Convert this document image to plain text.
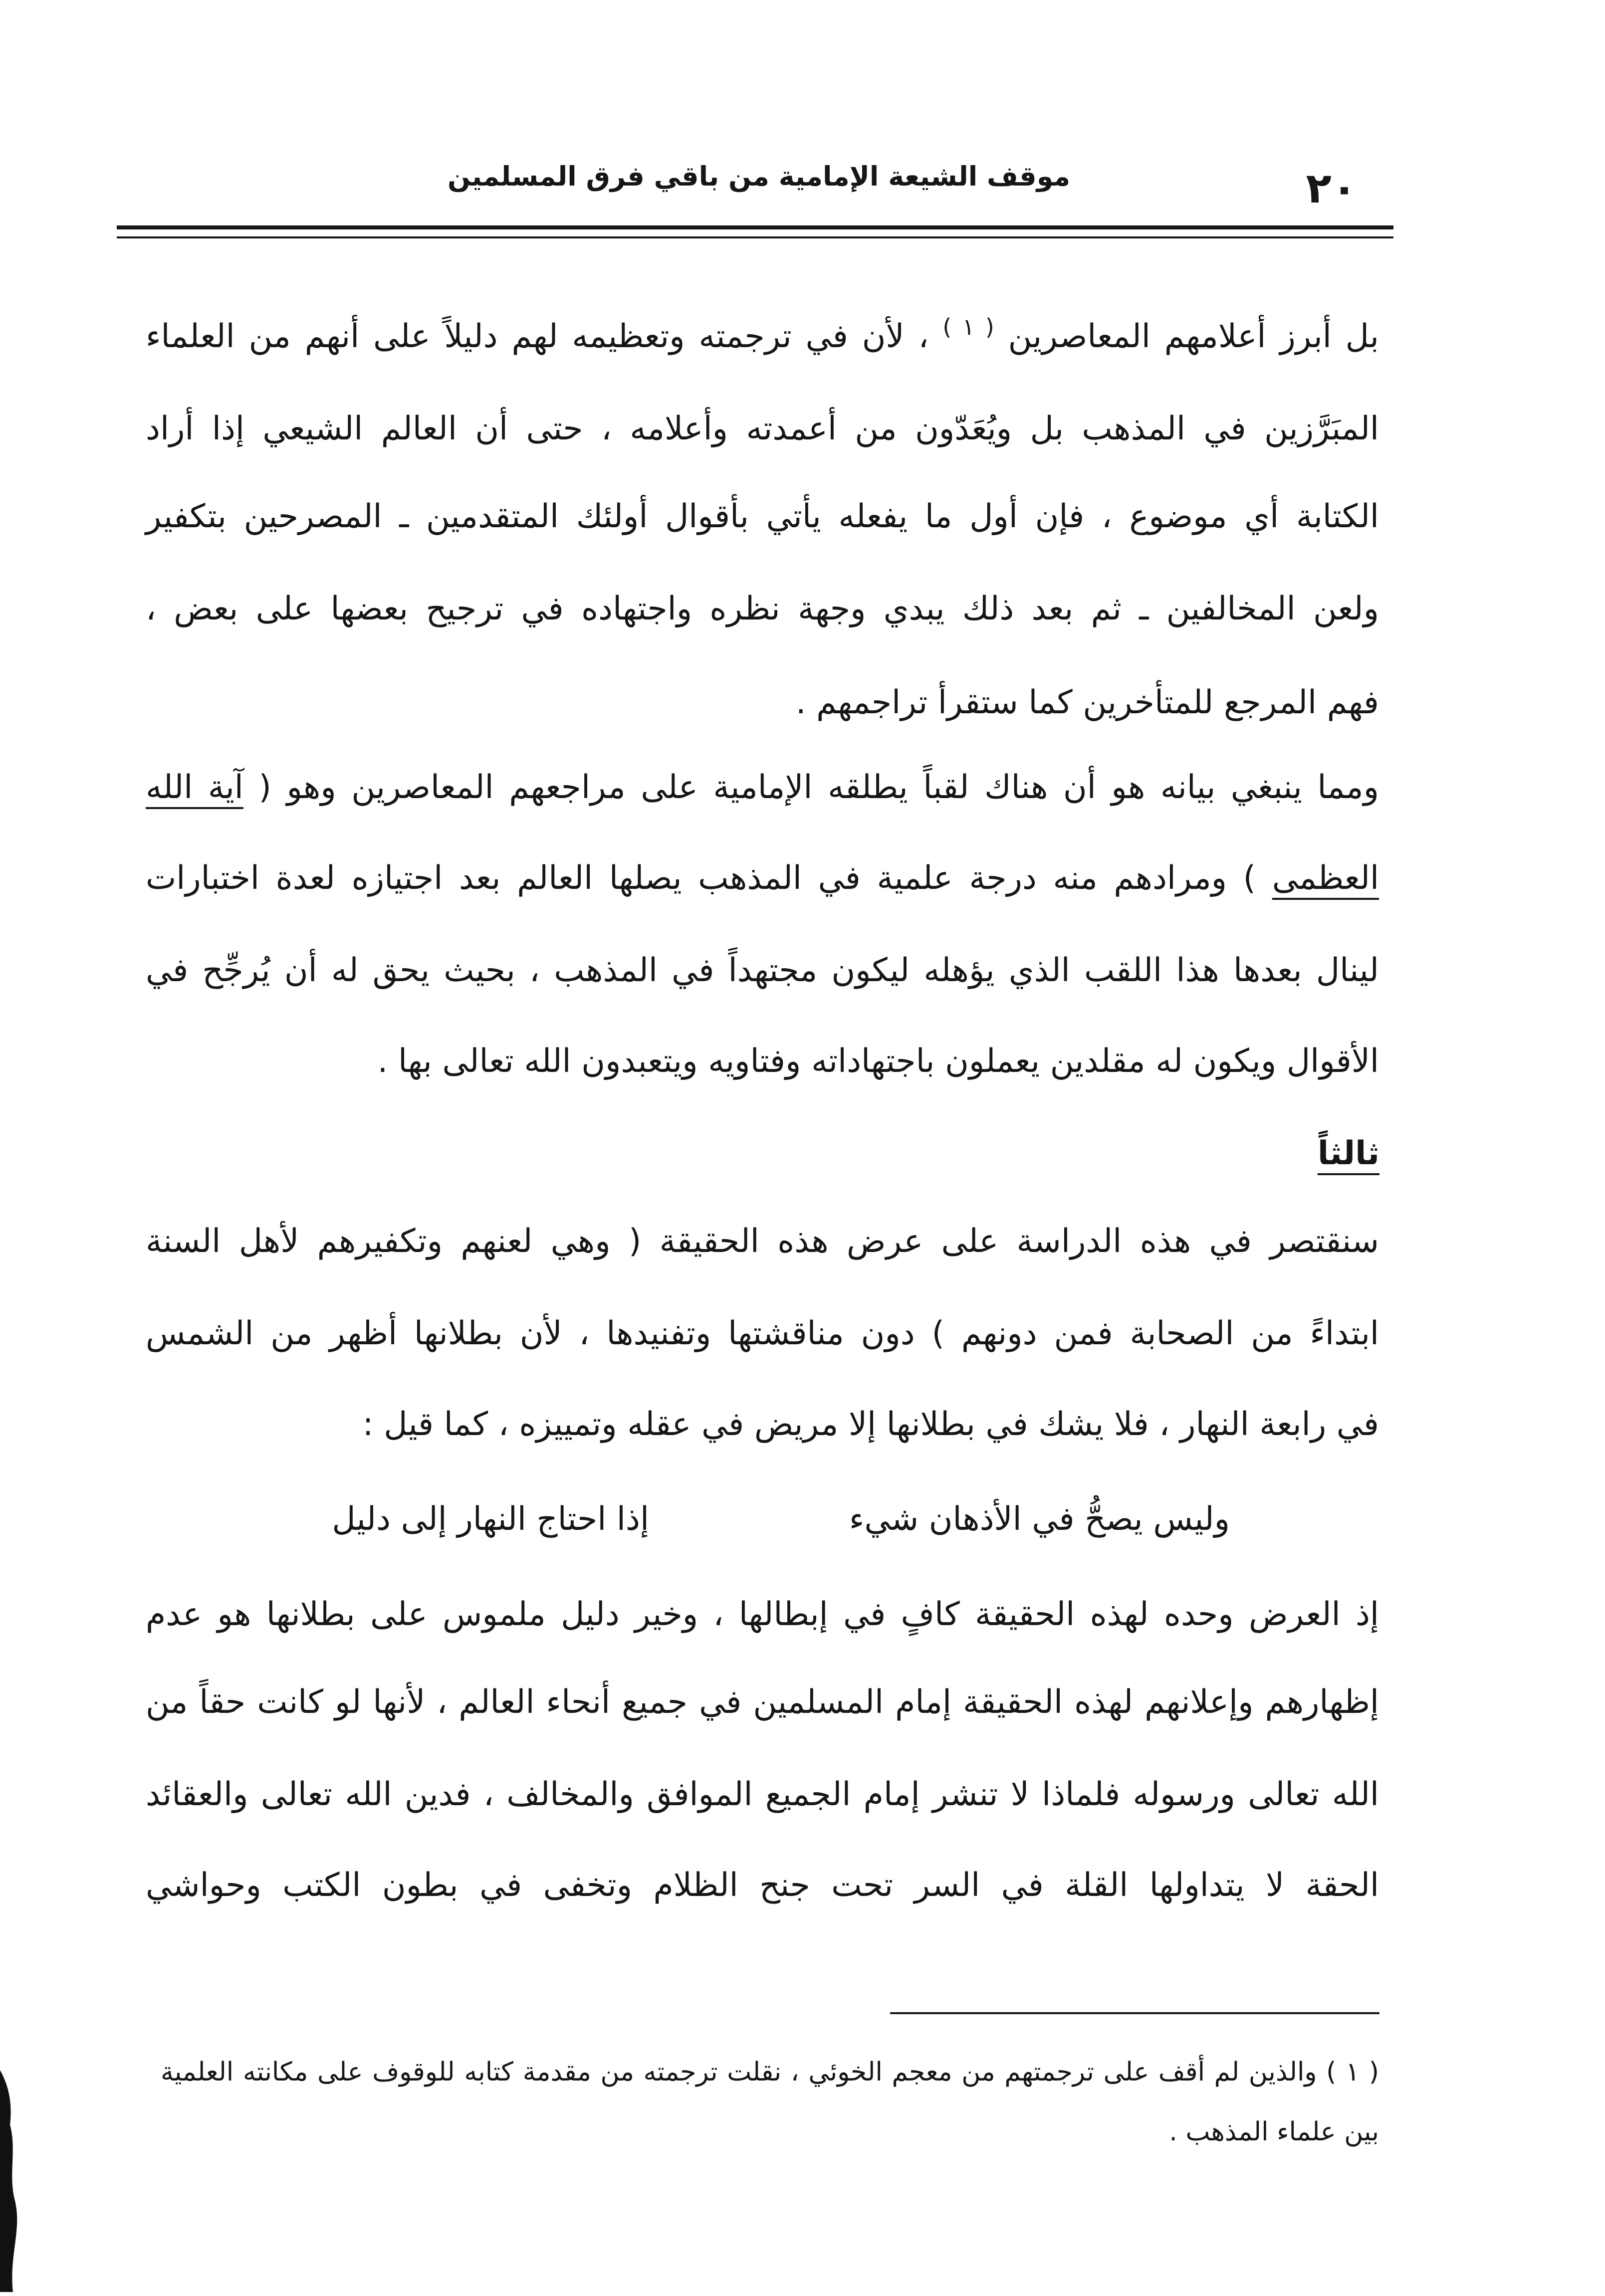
٢٠
موقف الشيعة الإمامية من باقي فرق المسلمين
بل أبرز أعلامهم المعاصرين $^{( ١ )}$ ، لأن في ترجمته وتعظيمه لهم دليلاً على أنهم من العلماء
المبَرَّزين في المذهب بل ويُعَدّون من أعمدته وأعلامه ، حتى أن العالم الشيعي إذا أراد
الكتابة أي موضوع ، فإن أول ما يفعله يأتي بأقوال أولئك المتقدمين ـ المصرحين بتكفير
ولعن المخالفين ـ ثم بعد ذلك يبدي وجهة نظره واجتهاده في ترجيح بعضها على بعض ،
فهم المرجع للمتأخرين كما ستقرأ تراجمهم .
ومما ينبغي بيانه هو أن هناك لقباً يطلقه الإمامية على مراجعهم المعاصرين وهو ( آية الله
العظمى ) ومرادهم منه درجة علمية في المذهب يصلها العالم بعد اجتيازه لعدة اختبارات
لينال بعدها هذا اللقب الذي يؤهله ليكون مجتهداً في المذهب ، بحيث يحق له أن يُرجِّح في
الأقوال ويكون له مقلدين يعملون باجتهاداته وفتاويه ويتعبدون الله تعالى بها .
ثالثاً
سنقتصر في هذه الدراسة على عرض هذه الحقيقة ( وهي لعنهم وتكفيرهم لأهل السنة
ابتداءً من الصحابة فمن دونهم ) دون مناقشتها وتفنيدها ، لأن بطلانها أظهر من الشمس
في رابعة النهار ، فلا يشك في بطلانها إلا مريض في عقله وتمييزه ، كما قيل :
وليس يصحُّ في الأذهان شيء
إذا احتاج النهار إلى دليل
إذ العرض وحده لهذه الحقيقة كافٍ في إبطالها ، وخير دليل ملموس على بطلانها هو عدم
إظهارهم وإعلانهم لهذه الحقيقة إمام المسلمين في جميع أنحاء العالم ، لأنها لو كانت حقاً من
الله تعالى ورسوله فلماذا لا تنشر إمام الجميع الموافق والمخالف ، فدين الله تعالى والعقائد
الحقة لا يتداولها القلة في السر تحت جنح الظلام وتخفى في بطون الكتب وحواشي
( ١ ) والذين لم أقف على ترجمتهم من معجم الخوئي ، نقلت ترجمته من مقدمة كتابه للوقوف على مكانته العلمية
بين علماء المذهب .
